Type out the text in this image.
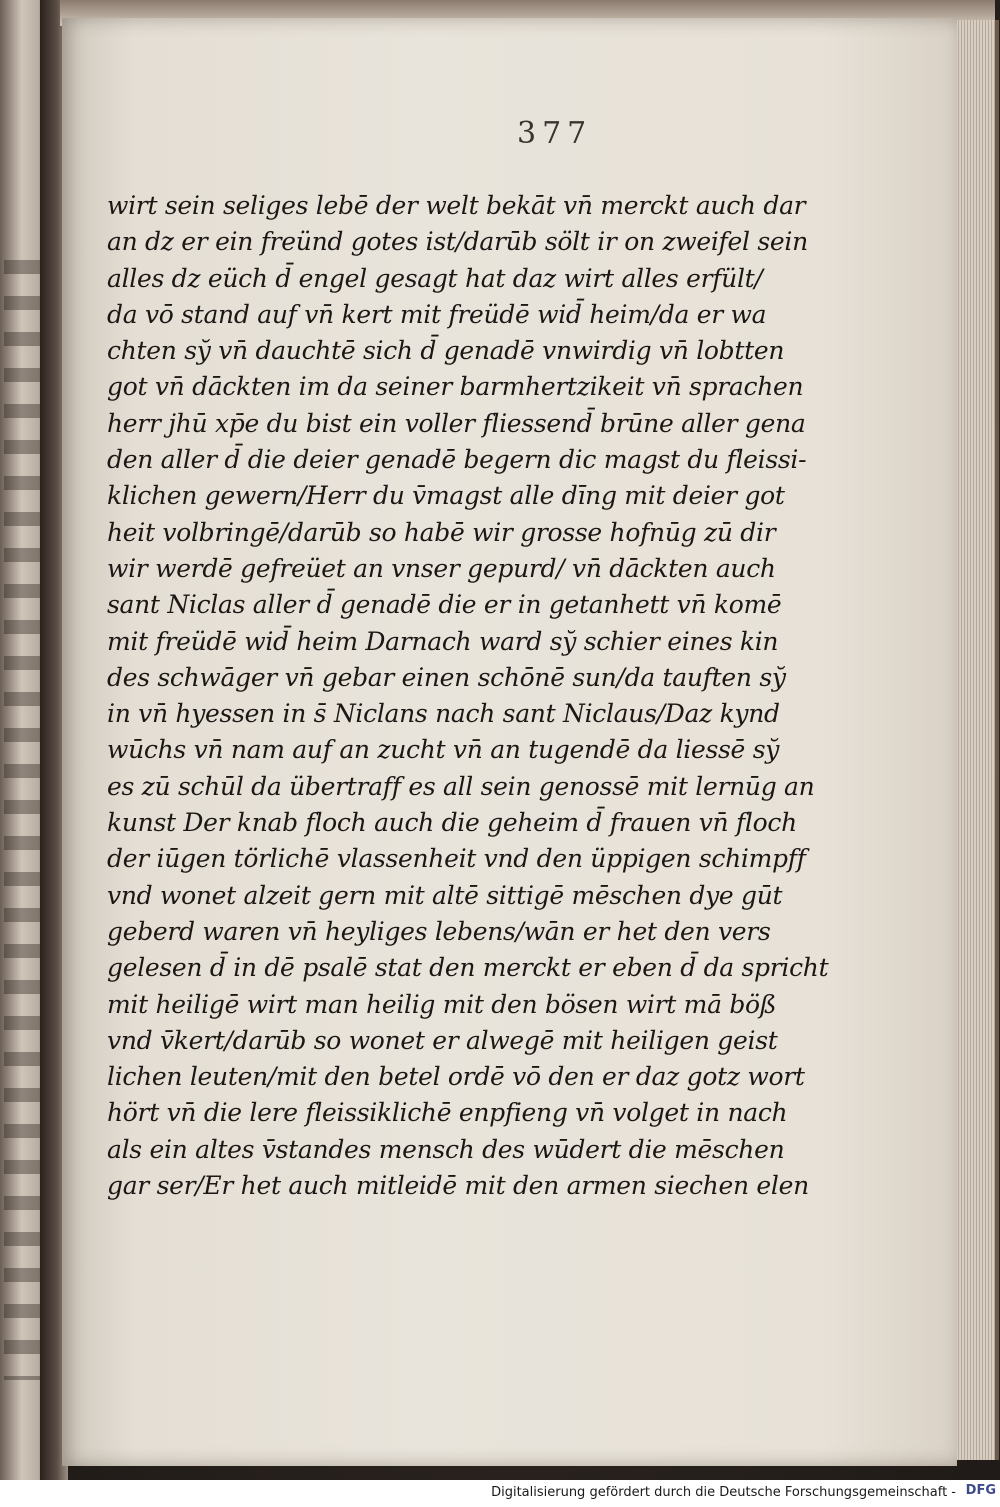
377
wirt sein seliges lebē der welt bekāt vn̄ merckt auch dar
an dz er ein freünd gotes ist/darūb sölt ir on zweifel sein
alles dz eüch d̄ engel gesagt hat daz wirt alles erfült/
da vō stand auf vn̄ kert mit freüdē wid̄ heim/da er wa
chten sy̆ vn̄ dauchtē sich d̄ genadē vnwirdig vn̄ lobtten
got vn̄ dāckten im da seiner barmhertzikeit vn̄ sprachen
herr jhū xp̄e du bist ein voller fliessend̄ brūne aller gena
den aller d̄ die deier genadē begern dic magst du fleissi-
klichen gewern/Herr du v̄magst alle dīng mit deier got
heit volbringē/darūb so habē wir grosse hofnūg zū dir
wir werdē gefreüet an vnser gepurd/ vn̄ dāckten auch
sant Niclas aller d̄ genadē die er in getanhett vn̄ komē
mit freüdē wid̄ heim Darnach ward sy̆ schier eines kin
des schwāger vn̄ gebar einen schōnē sun/da tauften sy̆
in vn̄ hyessen in s̄ Niclans nach sant Niclaus/Daz kynd
wūchs vn̄ nam auf an zucht vn̄ an tugendē da liessē sy̆
es zū schūl da übertraff es all sein genossē mit lernūg an
kunst Der knab floch auch die geheim d̄ frauen vn̄ floch
der iūgen törlichē vlassenheit vnd den üppigen schimpff
vnd wonet alzeit gern mit altē sittigē mēschen dye gūt
geberd waren vn̄ heyliges lebens/wān er het den vers
gelesen d̄ in dē psalē stat den merckt er eben d̄ da spricht
mit heiligē wirt man heilig mit den bösen wirt mā böß
vnd v̄kert/darūb so wonet er alwegē mit heiligen geist
lichen leuten/mit den betel ordē vō den er daz gotz wort
hört vn̄ die lere fleissiklichē enpfieng vn̄ volget in nach
als ein altes v̄standes mensch des wūdert die mēschen
gar ser/Er het auch mitleidē mit den armen siechen elen
Digitalisierung gefördert durch die Deutsche Forschungsgemeinschaft - DFG
